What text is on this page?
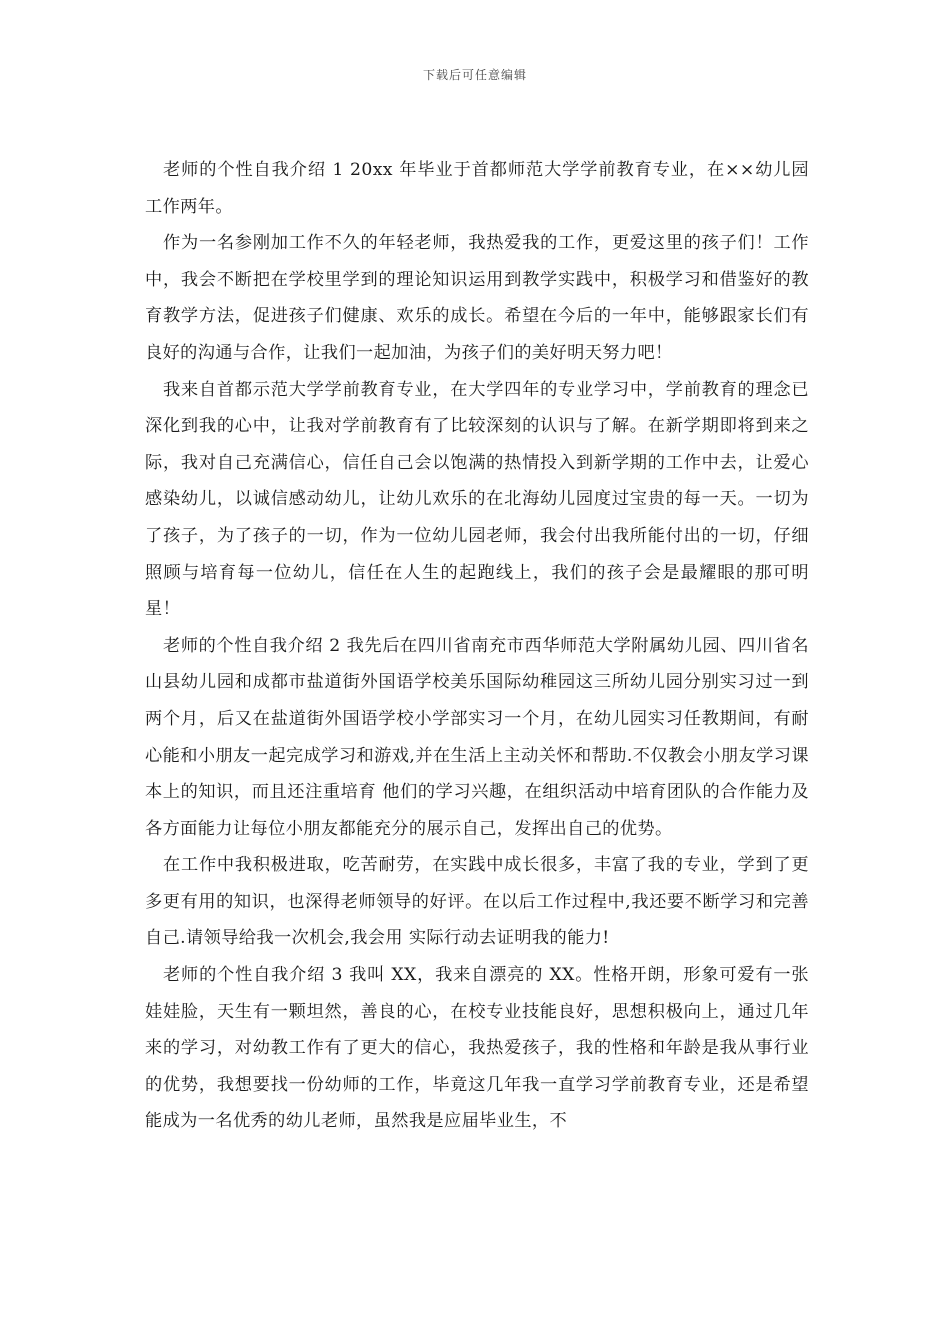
下载后可任意编辑

老师的个性自我介绍 1 20xx 年毕业于首都师范大学学前教育专业，在××幼儿园工作两年。

作为一名参刚加工作不久的年轻老师，我热爱我的工作，更爱这里的孩子们！工作中，我会不断把在学校里学到的理论知识运用到教学实践中，积极学习和借鉴好的教育教学方法，促进孩子们健康、欢乐的成长。希望在今后的一年中，能够跟家长们有良好的沟通与合作，让我们一起加油，为孩子们的美好明天努力吧！

我来自首都示范大学学前教育专业，在大学四年的专业学习中，学前教育的理念已深化到我的心中，让我对学前教育有了比较深刻的认识与了解。在新学期即将到来之际，我对自己充满信心，信任自己会以饱满的热情投入到新学期的工作中去，让爱心感染幼儿，以诚信感动幼儿，让幼儿欢乐的在北海幼儿园度过宝贵的每一天。一切为了孩子，为了孩子的一切，作为一位幼儿园老师，我会付出我所能付出的一切，仔细照顾与培育每一位幼儿，信任在人生的起跑线上，我们的孩子会是最耀眼的那可明星！

老师的个性自我介绍 2 我先后在四川省南充市西华师范大学附属幼儿园、四川省名山县幼儿园和成都市盐道街外国语学校美乐国际幼稚园这三所幼儿园分别实习过一到两个月，后又在盐道街外国语学校小学部实习一个月，在幼儿园实习任教期间，有耐心能和小朋友一起完成学习和游戏,并在生活上主动关怀和帮助.不仅教会小朋友学习课本上的知识，而且还注重培育 他们的学习兴趣，在组织活动中培育团队的合作能力及各方面能力让每位小朋友都能充分的展示自己，发挥出自己的优势。

在工作中我积极进取，吃苦耐劳，在实践中成长很多，丰富了我的专业，学到了更多更有用的知识，也深得老师领导的好评。在以后工作过程中,我还要不断学习和完善自己.请领导给我一次机会,我会用 实际行动去证明我的能力!

老师的个性自我介绍 3 我叫 XX，我来自漂亮的 XX。性格开朗，形象可爱有一张娃娃脸，天生有一颗坦然，善良的心，在校专业技能良好，思想积极向上，通过几年来的学习，对幼教工作有了更大的信心，我热爱孩子，我的性格和年龄是我从事行业的优势，我想要找一份幼师的工作，毕竟这几年我一直学习学前教育专业，还是希望能成为一名优秀的幼儿老师，虽然我是应届毕业生，不
